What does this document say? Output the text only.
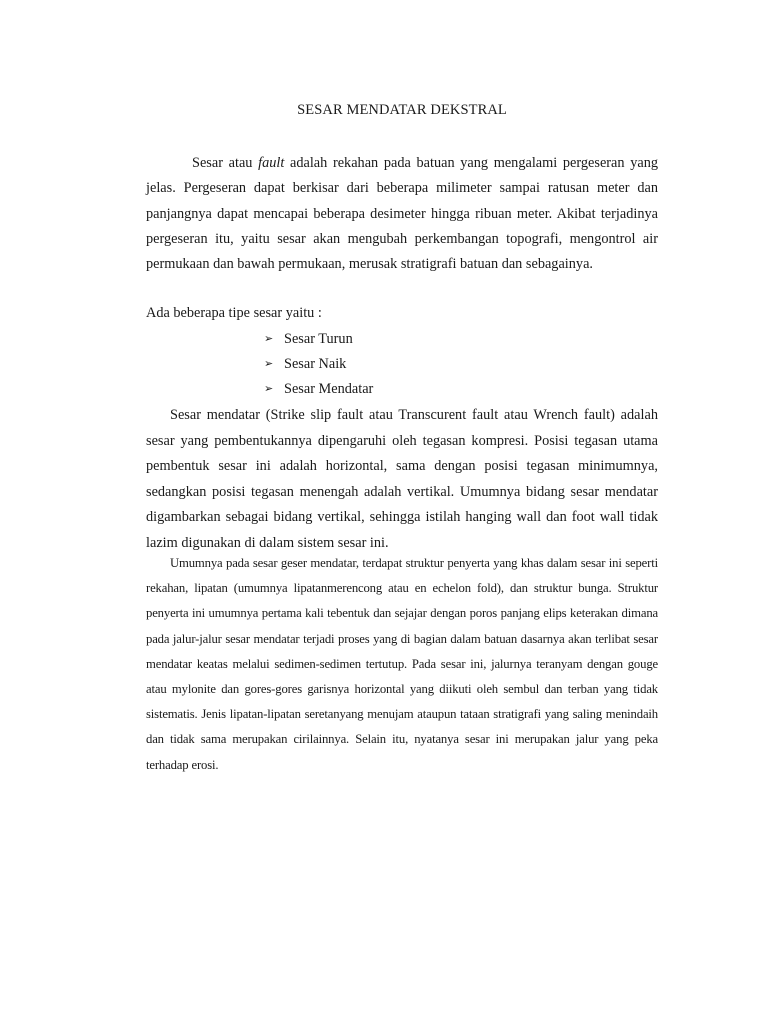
SESAR MENDATAR DEKSTRAL

Sesar atau fault adalah rekahan pada batuan yang mengalami pergeseran yang jelas. Pergeseran dapat berkisar dari beberapa milimeter sampai ratusan meter dan panjangnya dapat mencapai beberapa desimeter hingga ribuan meter. Akibat terjadinya pergeseran itu, yaitu sesar akan mengubah perkembangan topografi, mengontrol air permukaan dan bawah permukaan, merusak stratigrafi batuan dan sebagainya.

Ada beberapa tipe sesar yaitu :

➢ Sesar Turun
➢ Sesar Naik
➢ Sesar Mendatar

Sesar mendatar (Strike slip fault atau Transcurent fault atau Wrench fault) adalah sesar yang pembentukannya dipengaruhi oleh tegasan kompresi. Posisi tegasan utama pembentuk sesar ini adalah horizontal, sama dengan posisi tegasan minimumnya, sedangkan posisi tegasan menengah adalah vertikal. Umumnya bidang sesar mendatar digambarkan sebagai bidang vertikal, sehingga istilah hanging wall dan foot wall tidak lazim digunakan di dalam sistem sesar ini.

Umumnya pada sesar geser mendatar, terdapat struktur penyerta yang khas dalam sesar ini seperti rekahan, lipatan (umumnya lipatanmerencong atau en echelon fold), dan struktur bunga. Struktur penyerta ini umumnya pertama kali tebentuk dan sejajar dengan poros panjang elips keterakan dimana pada jalur-jalur sesar mendatar terjadi proses yang di bagian dalam batuan dasarnya akan terlibat sesar mendatar keatas melalui sedimen-sedimen tertutup. Pada sesar ini, jalurnya teranyam dengan gouge atau mylonite dan gores-gores garisnya horizontal yang diikuti oleh sembul dan terban yang tidak sistematis. Jenis lipatan-lipatan seretanyang menujam ataupun tataan stratigrafi yang saling menindaih dan tidak sama merupakan cirilainnya. Selain itu, nyatanya sesar ini merupakan jalur yang peka terhadap erosi.
